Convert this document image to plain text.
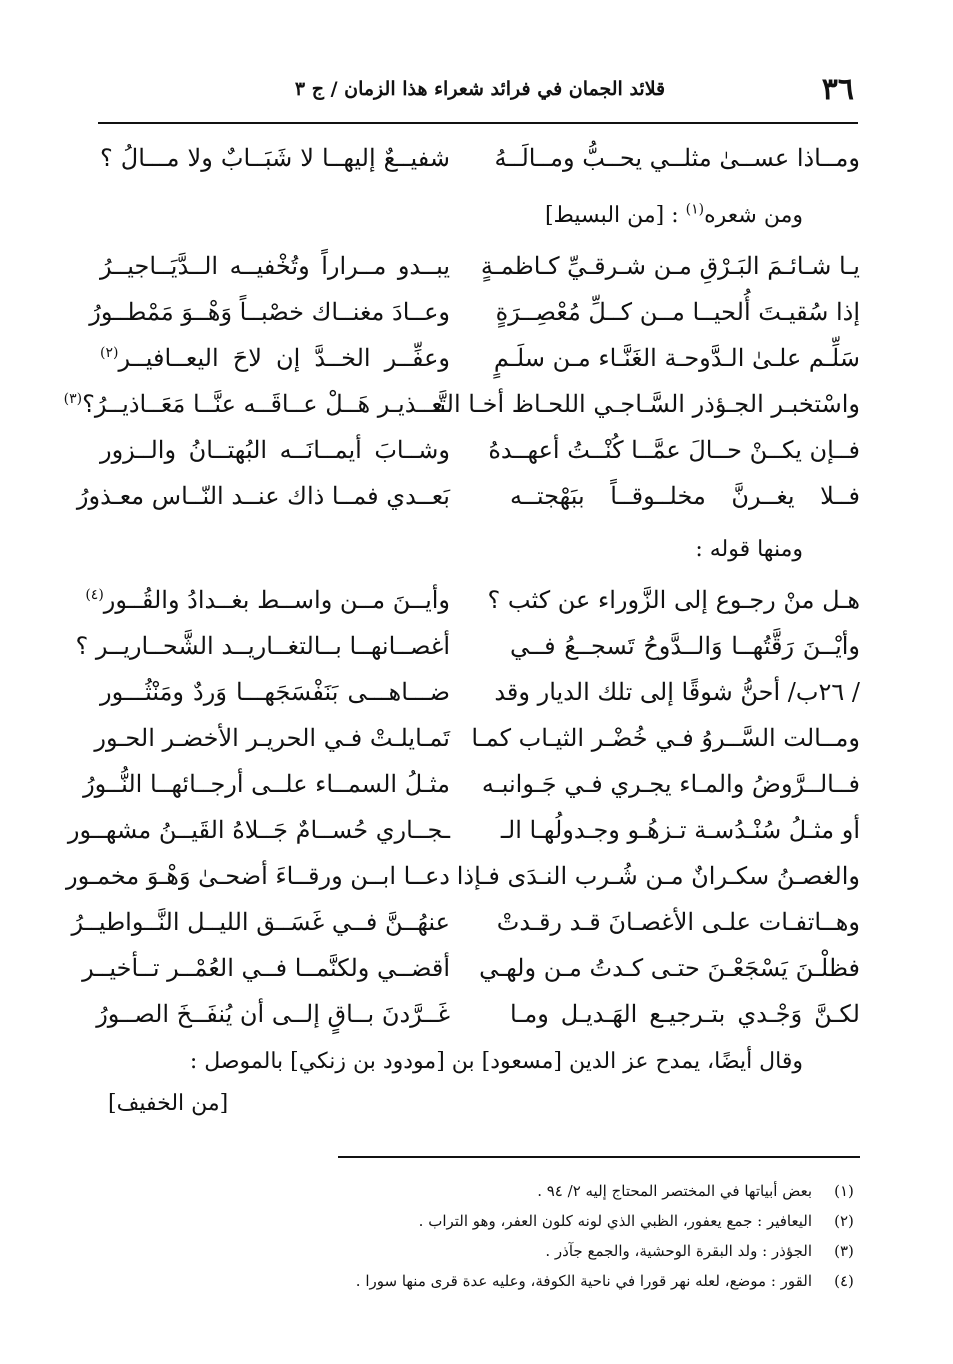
٣٦
قلائد الجمان في فرائد شعراء هذا الزمان / ج ٣
ومــاذا عســىٰ مثلــي يحــبُّ ومــالَــهُ
شفيــعٌ إليهــا لا شَبَــابٌ ولا مـــالُ ؟
ومن شعره$^{(١)}$ : [من البسيط]
يـا شـائـمَ البَـرْقِ مـن شـرقـيِّ كـاظمـةٍ
يبــدو مــراراً وتُخْفيــه الــدَّيَــاجيــرُ
إذا سُقيـتَ أُلحيــا مــن كــلِّ مُعْصِــرَةٍ
وعــادَ مغنــاك خصْبــاً وَهْــوَ مَمْطــورُ
سَلِّـم علـىٰ الـدَّوحـة الغَنَّـاء مـن سلَـمٍ
وعفِّــر الخــدَّ إن لاحَ اليعــافيــر$^{(٢)}$
واسْتخبـر الجـؤذر السَّـاجـي اللحـاظ أخـا التَّـ
ـعــذيـر هَــلْ عــاقَــه عنَّــا مَعَــاذيــرُ؟$^{(٣)}$
فــإن يكــنْ حــالَ عمَّــا كُنْــتُ أعهــدهُ
وشــابَ أيمــانَــه البُهتــانُ والــزور
فــلا يغــرنَّ مخلــوقــاً ببَهْجتــه
بَعــدي فمــا ذاك عنــد النّــاس معـذورُ
ومنها قوله :
هـل منْ رجـوع إلى الزَّوراء عن كثب ؟
وأيــنَ مــن واســط بغــدادُ والقُــور$^{(٤)}$
وأيْــنَ رَقَّتُهــا وَالــدَّوحُ تَسجــعُ فــي
أغصــانهــا بــالتغــاريــد الشَّحــاريــر ؟
/ ٢٦ب/ أحنُّ شوقًا إلى تلك الديار وقد
ضـــاهـــى بَنَفْسَجَهـــا وَردٌ ومَنْثُـــور
ومــالت السَّــروُ فـي خُضْـر الثيـاب كمـا
تَمـايلـتْ فـي الحريـر الأخضـر الحـور
فــالــرَّوضُ والمـاء يجـري فـي جَـوانبـه
مثـلُ السمــاء علــى أرجــائهــا النُّــورُ
أو مثـلُ سُنْـدُسـة تـزهُـو وجـدولُهـا الـ
ـجــاري حُســامٌ جَــلاهُ القَيــنُ مشهــور
والغصـنُ سكـرانٌ مـن شُـرب النـدَى فـإذا
دعــا ابــن ورقــاءَ أضحـىٰ وَهْـوَ مخمـور
وهــاتفـات علـى الأغصـانَ قـد رقـدتْ
عنهُــنَّ فــي غَسَــق الليــل النَّــواطيــرُ
فظلْـنَ يَسْجَعْـنَ حتـى كـدتُ مـن ولهـي
أقضــي ولكنَّمــا فــي العُمْــر تــأخيــر
لكـنَّ وَجْـدي بتـرجيـع الهَـديـل ومـا
غَــرَّدنَ بــاقٍ إلــى أن يُنفَــخَ الصــورُ
وقال أيضًا، يمدح عز الدين [مسعود] بن [مودود بن زنكي] بالموصل :
[من الخفيف]
(١)
بعض أبياتها في المختصر المحتاج إليه ٢/ ٩٤ .
(٢)
اليعافير : جمع يعفور، الظبي الذي لونه كلون العفر، وهو التراب .
(٣)
الجؤذر : ولد البقرة الوحشية، والجمع جآذر .
(٤)
القور : موضع، لعله نهر قورا في ناحية الكوفة، وعليه عدة قرى منها سورا .
